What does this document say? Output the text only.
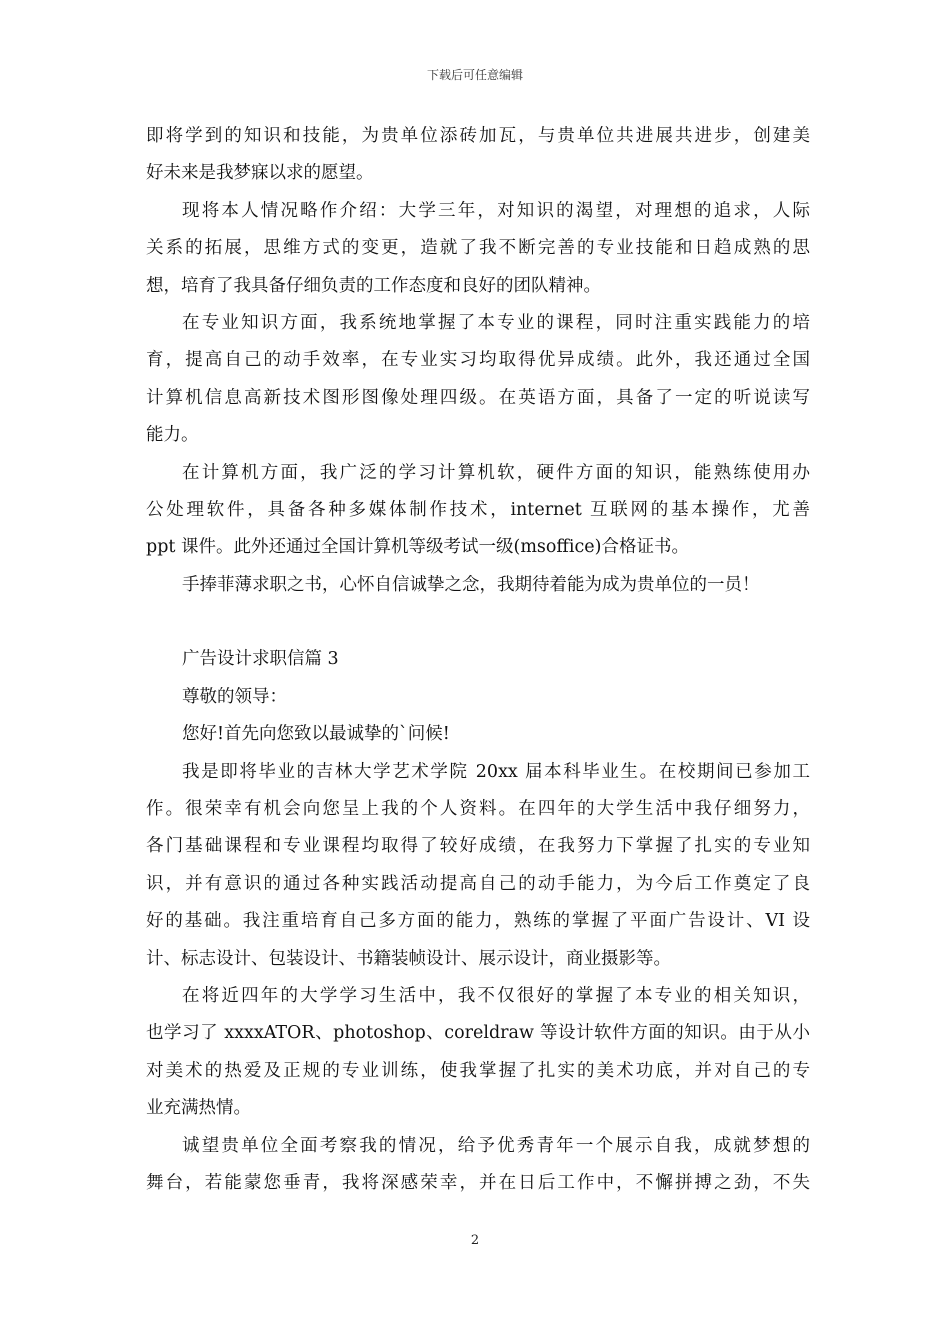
下载后可任意编辑
即将学到的知识和技能，为贵单位添砖加瓦，与贵单位共进展共进步，创建美
好未来是我梦寐以求的愿望。
现将本人情况略作介绍：大学三年，对知识的渴望，对理想的追求，人际
关系的拓展，思维方式的变更，造就了我不断完善的专业技能和日趋成熟的思
想，培育了我具备仔细负责的工作态度和良好的团队精神。
在专业知识方面，我系统地掌握了本专业的课程，同时注重实践能力的培
育，提高自己的动手效率，在专业实习均取得优异成绩。此外，我还通过全国
计算机信息高新技术图形图像处理四级。在英语方面，具备了一定的听说读写
能力。
在计算机方面，我广泛的学习计算机软，硬件方面的知识，能熟练使用办
公处理软件，具备各种多媒体制作技术，internet 互联网的基本操作，尤善
ppt 课件。此外还通过全国计算机等级考试一级(msoffice)合格证书。
手捧菲薄求职之书，心怀自信诚挚之念，我期待着能为成为贵单位的一员！
广告设计求职信篇 3
尊敬的领导：
您好!首先向您致以最诚挚的`问候!
我是即将毕业的吉林大学艺术学院 20xx 届本科毕业生。在校期间已参加工
作。很荣幸有机会向您呈上我的个人资料。在四年的大学生活中我仔细努力，
各门基础课程和专业课程均取得了较好成绩，在我努力下掌握了扎实的专业知
识，并有意识的通过各种实践活动提高自己的动手能力，为今后工作奠定了良
好的基础。我注重培育自己多方面的能力，熟练的掌握了平面广告设计、VI 设
计、标志设计、包装设计、书籍装帧设计、展示设计，商业摄影等。
在将近四年的大学学习生活中，我不仅很好的掌握了本专业的相关知识，
也学习了 xxxxATOR、photoshop、coreldraw 等设计软件方面的知识。由于从小
对美术的热爱及正规的专业训练，使我掌握了扎实的美术功底，并对自己的专
业充满热情。
诚望贵单位全面考察我的情况，给予优秀青年一个展示自我，成就梦想的
舞台，若能蒙您垂青，我将深感荣幸，并在日后工作中，不懈拼搏之劲，不失
2
